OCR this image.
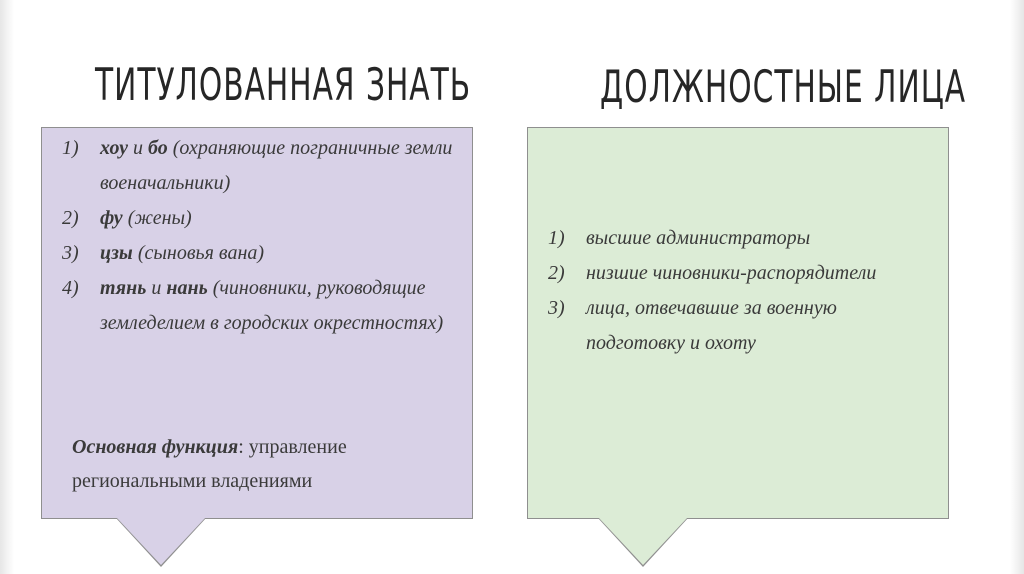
ТИТУЛОВАННАЯ ЗНАТЬ	ДОЛЖНОСТНЫЕ ЛИЦА
1) хоу и бо (охраняющие пограничные земли военачальники)
2) фу (жены)
3) цзы (сыновья вана)
4) тянь и нань (чиновники, руководящие земледелием в городских окрестностях)
Основная функция: управление региональными владениями
1) высшие администраторы
2) низшие чиновники-распорядители
3) лица, отвечавшие за военную подготовку и охоту
